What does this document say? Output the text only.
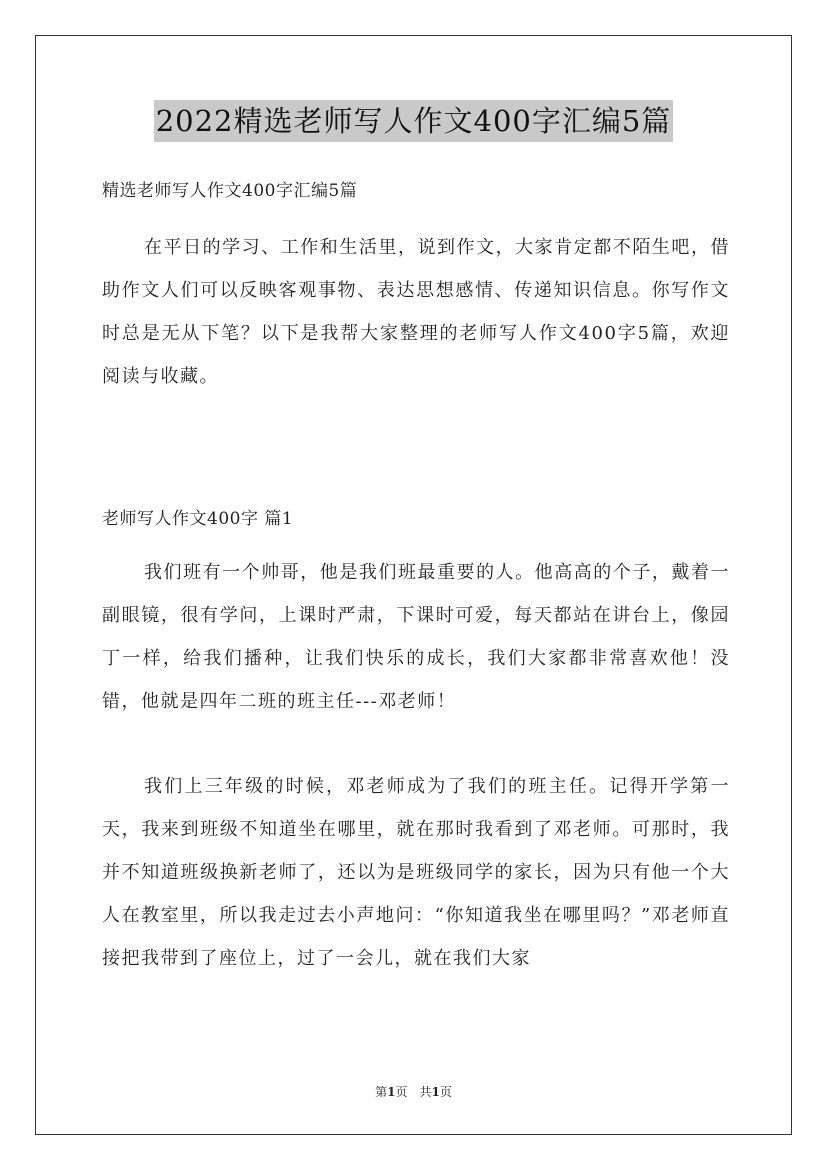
2022精选老师写人作文400字汇编5篇
精选老师写人作文400字汇编5篇

在平日的学习、工作和生活里，说到作文，大家肯定都不陌生吧，借助作文人们可以反映客观事物、表达思想感情、传递知识信息。你写作文时总是无从下笔？以下是我帮大家整理的老师写人作文400字5篇，欢迎阅读与收藏。

老师写人作文400字 篇1

我们班有一个帅哥，他是我们班最重要的人。他高高的个子，戴着一副眼镜，很有学问，上课时严肃，下课时可爱，每天都站在讲台上，像园丁一样，给我们播种，让我们快乐的成长，我们大家都非常喜欢他！没错，他就是四年二班的班主任---邓老师！

我们上三年级的时候，邓老师成为了我们的班主任。记得开学第一天，我来到班级不知道坐在哪里，就在那时我看到了邓老师。可那时，我并不知道班级换新老师了，还以为是班级同学的家长，因为只有他一个大人在教室里，所以我走过去小声地问：“你知道我坐在哪里吗？”邓老师直接把我带到了座位上，过了一会儿，就在我们大家

第1页　共1页
